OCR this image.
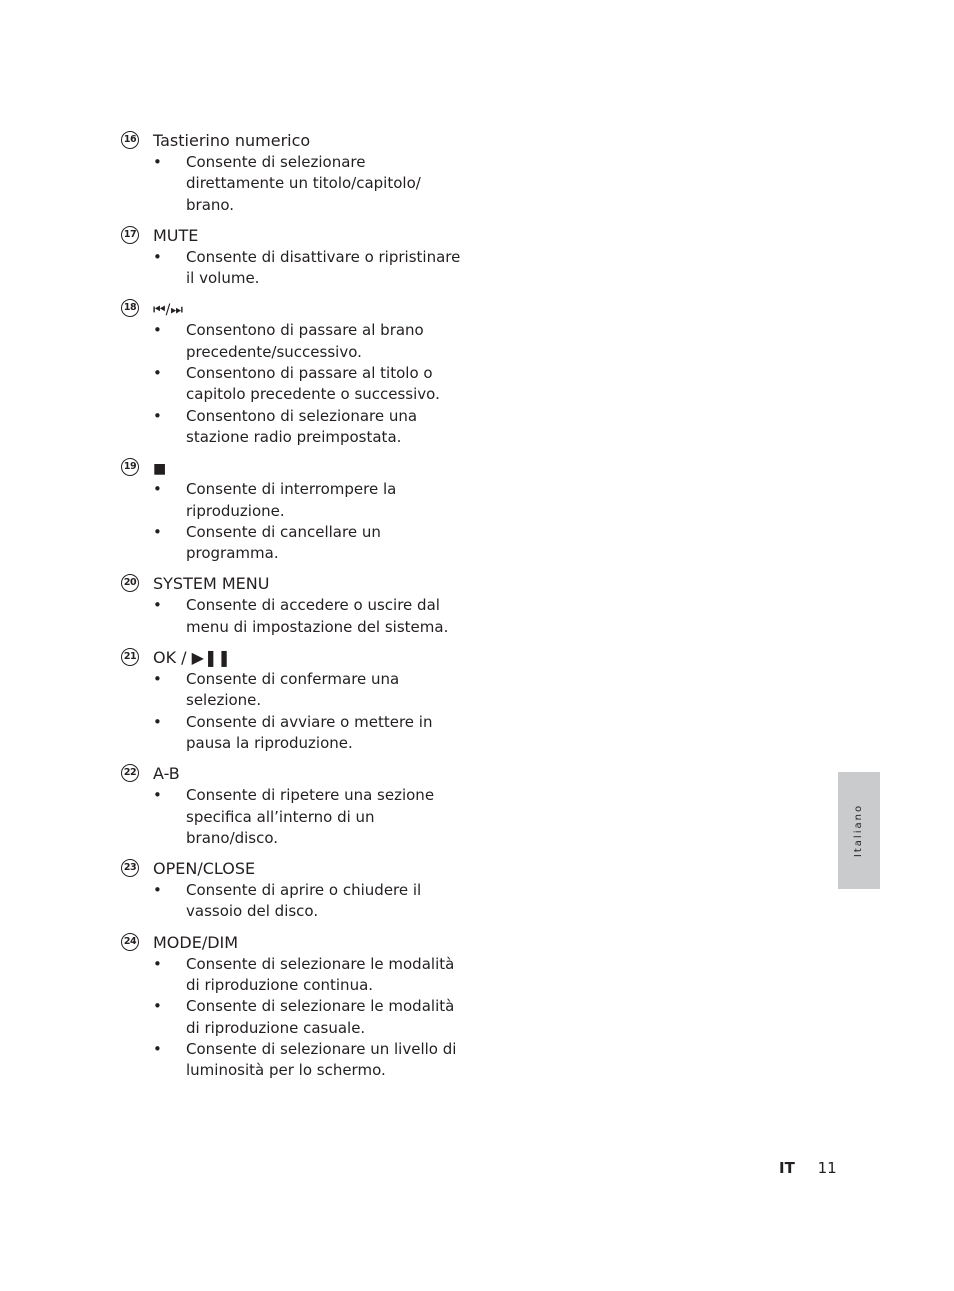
16 Tastierino numerico
• Consente di selezionare
direttamente un titolo/capitolo/
brano.
17 MUTE
• Consente di disattivare o ripristinare
il volume.
18 ⏮/⏭
• Consentono di passare al brano
precedente/successivo.
• Consentono di passare al titolo o
capitolo precedente o successivo.
• Consentono di selezionare una
stazione radio preimpostata.
19 ■
• Consente di interrompere la
riproduzione.
• Consente di cancellare un
programma.
20 SYSTEM MENU
• Consente di accedere o uscire dal
menu di impostazione del sistema.
21 OK / ▶❚❚
• Consente di confermare una
selezione.
• Consente di avviare o mettere in
pausa la riproduzione.
22 A-B
• Consente di ripetere una sezione
specifica all’interno di un brano/disco.
23 OPEN/CLOSE
• Consente di aprire o chiudere il
vassoio del disco.
24 MODE/DIM
• Consente di selezionare le modalità
di riproduzione continua.
• Consente di selezionare le modalità
di riproduzione casuale.
• Consente di selezionare un livello di
luminosità per lo schermo.
Italiano
IT 11
